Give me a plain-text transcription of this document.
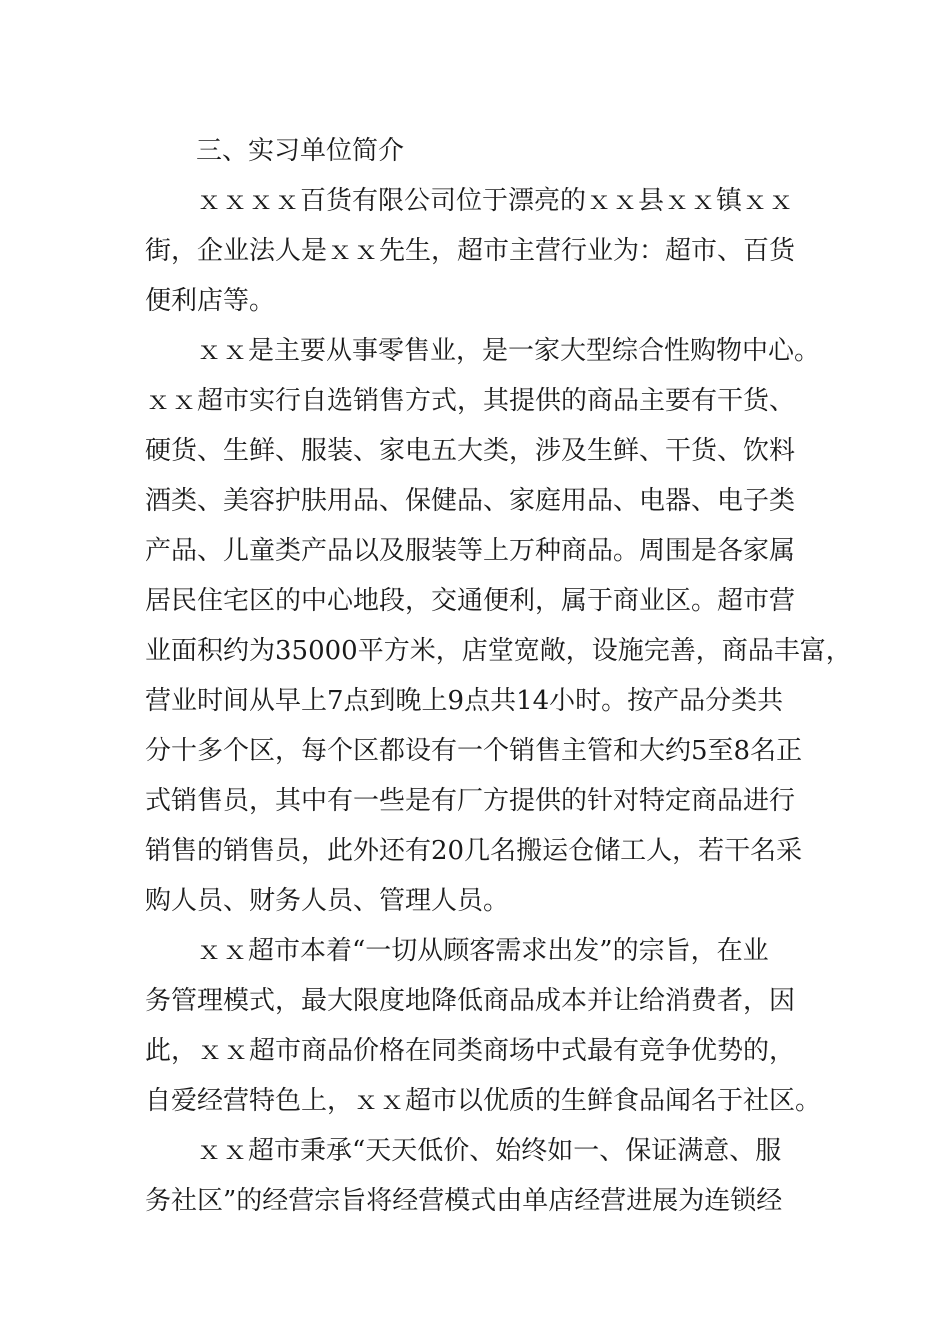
三、实习单位简介

ｘｘｘｘ百货有限公司位于漂亮的ｘｘ县ｘｘ镇ｘｘ

街，企业法人是ｘｘ先生，超市主营行业为：超市、百货

便利店等。

ｘｘ是主要从事零售业，是一家大型综合性购物中心。

ｘｘ超市实行自选销售方式，其提供的商品主要有干货、

硬货、生鲜、服装、家电五大类，涉及生鲜、干货、饮料

酒类、美容护肤用品、保健品、家庭用品、电器、电子类

产品、儿童类产品以及服装等上万种商品。周围是各家属

居民住宅区的中心地段，交通便利，属于商业区。超市营

业面积约为35000平方米，店堂宽敞，设施完善，商品丰富，

营业时间从早上7点到晚上9点共14小时。按产品分类共

分十多个区，每个区都设有一个销售主管和大约5至8名正

式销售员，其中有一些是有厂方提供的针对特定商品进行

销售的销售员，此外还有20几名搬运仓储工人，若干名采

购人员、财务人员、管理人员。

ｘｘ超市本着“一切从顾客需求出发”的宗旨，在业

务管理模式，最大限度地降低商品成本并让给消费者，因

此，ｘｘ超市商品价格在同类商场中式最有竞争优势的，

自爱经营特色上，ｘｘ超市以优质的生鲜食品闻名于社区。

ｘｘ超市秉承“天天低价、始终如一、保证满意、服

务社区”的经营宗旨将经营模式由单店经营进展为连锁经
